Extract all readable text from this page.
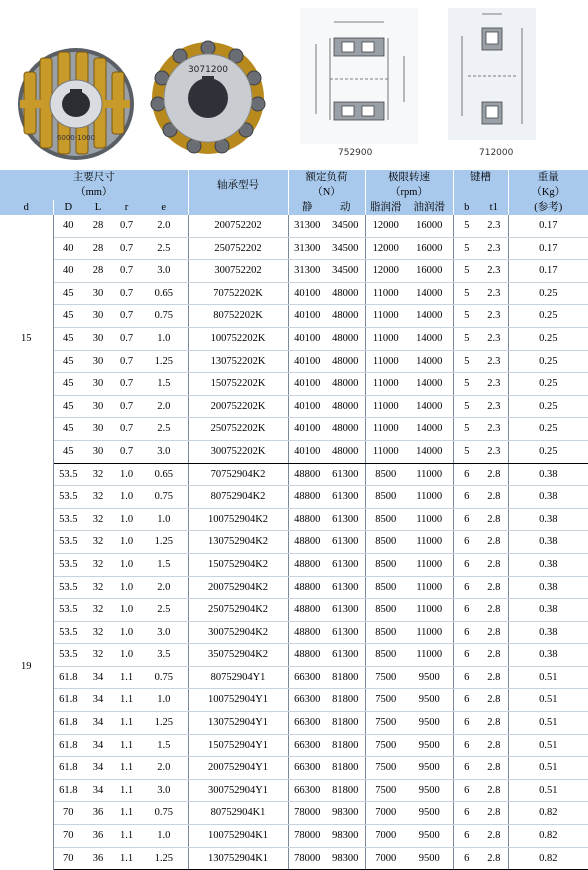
6000-1000
3071200
752900	712000
主要尺寸					轴承型号	额定负荷		极限转速		键槽		重量
（mm）						（N）		（rpm）				（Kg）
d	D	L	r	e		静	动	脂润滑	油润滑	b	t1	(参考)
15	40	28	0.7	2.0	200752202	31300	34500	12000	16000	5	2.3	0.17
	40	28	0.7	2.5	250752202	31300	34500	12000	16000	5	2.3	0.17
	40	28	0.7	3.0	300752202	31300	34500	12000	16000	5	2.3	0.17
	45	30	0.7	0.65	70752202K	40100	48000	11000	14000	5	2.3	0.25
	45	30	0.7	0.75	80752202K	40100	48000	11000	14000	5	2.3	0.25
	45	30	0.7	1.0	100752202K	40100	48000	11000	14000	5	2.3	0.25
	45	30	0.7	1.25	130752202K	40100	48000	11000	14000	5	2.3	0.25
	45	30	0.7	1.5	150752202K	40100	48000	11000	14000	5	2.3	0.25
	45	30	0.7	2.0	200752202K	40100	48000	11000	14000	5	2.3	0.25
	45	30	0.7	2.5	250752202K	40100	48000	11000	14000	5	2.3	0.25
	45	30	0.7	3.0	300752202K	40100	48000	11000	14000	5	2.3	0.25
19	53.5	32	1.0	0.65	70752904K2	48800	61300	8500	11000	6	2.8	0.38
	53.5	32	1.0	0.75	80752904K2	48800	61300	8500	11000	6	2.8	0.38
	53.5	32	1.0	1.0	100752904K2	48800	61300	8500	11000	6	2.8	0.38
	53.5	32	1.0	1.25	130752904K2	48800	61300	8500	11000	6	2.8	0.38
	53.5	32	1.0	1.5	150752904K2	48800	61300	8500	11000	6	2.8	0.38
	53.5	32	1.0	2.0	200752904K2	48800	61300	8500	11000	6	2.8	0.38
	53.5	32	1.0	2.5	250752904K2	48800	61300	8500	11000	6	2.8	0.38
	53.5	32	1.0	3.0	300752904K2	48800	61300	8500	11000	6	2.8	0.38
	53.5	32	1.0	3.5	350752904K2	48800	61300	8500	11000	6	2.8	0.38
	61.8	34	1.1	0.75	80752904Y1	66300	81800	7500	9500	6	2.8	0.51
	61.8	34	1.1	1.0	100752904Y1	66300	81800	7500	9500	6	2.8	0.51
	61.8	34	1.1	1.25	130752904Y1	66300	81800	7500	9500	6	2.8	0.51
	61.8	34	1.1	1.5	150752904Y1	66300	81800	7500	9500	6	2.8	0.51
	61.8	34	1.1	2.0	200752904Y1	66300	81800	7500	9500	6	2.8	0.51
	61.8	34	1.1	3.0	300752904Y1	66300	81800	7500	9500	6	2.8	0.51
	70	36	1.1	0.75	80752904K1	78000	98300	7000	9500	6	2.8	0.82
	70	36	1.1	1.0	100752904K1	78000	98300	7000	9500	6	2.8	0.82
	70	36	1.1	1.25	130752904K1	78000	98300	7000	9500	6	2.8	0.82
